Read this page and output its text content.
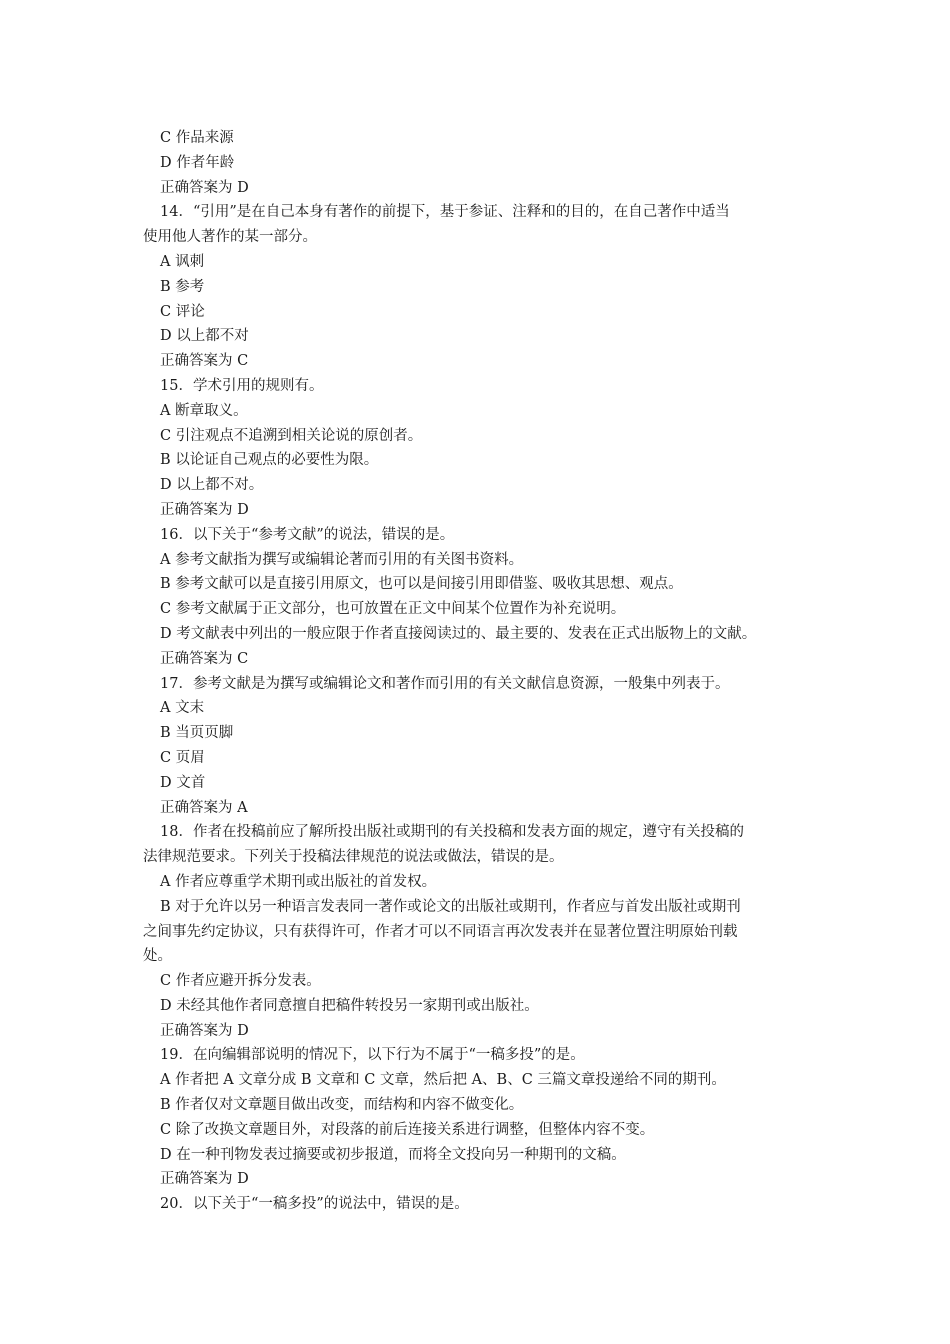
C 作品来源
D 作者年龄
正确答案为 D
14．“引用”是在自己本身有著作的前提下，基于参证、注释和的目的，在自己著作中适当
使用他人著作的某一部分。
A 讽刺
B 参考
C 评论
D 以上都不对
正确答案为 C
15．学术引用的规则有。
A 断章取义。
C 引注观点不追溯到相关论说的原创者。
B 以论证自己观点的必要性为限。
D 以上都不对。
正确答案为 D
16．以下关于“参考文献”的说法，错误的是。
A 参考文献指为撰写或编辑论著而引用的有关图书资料。
B 参考文献可以是直接引用原文，也可以是间接引用即借鉴、吸收其思想、观点。
C 参考文献属于正文部分，也可放置在正文中间某个位置作为补充说明。
D 考文献表中列出的一般应限于作者直接阅读过的、最主要的、发表在正式出版物上的文献。
正确答案为 C
17．参考文献是为撰写或编辑论文和著作而引用的有关文献信息资源，一般集中列表于。
A 文末
B 当页页脚
C 页眉
D 文首
正确答案为 A
18．作者在投稿前应了解所投出版社或期刊的有关投稿和发表方面的规定，遵守有关投稿的
法律规范要求。下列关于投稿法律规范的说法或做法，错误的是。
A 作者应尊重学术期刊或出版社的首发权。
B 对于允许以另一种语言发表同一著作或论文的出版社或期刊，作者应与首发出版社或期刊
之间事先约定协议，只有获得许可，作者才可以不同语言再次发表并在显著位置注明原始刊载
处。
C 作者应避开拆分发表。
D 未经其他作者同意擅自把稿件转投另一家期刊或出版社。
正确答案为 D
19．在向编辑部说明的情况下，以下行为不属于“一稿多投”的是。
A 作者把 A 文章分成 B 文章和 C 文章，然后把 A、B、C 三篇文章投递给不同的期刊。
B 作者仅对文章题目做出改变，而结构和内容不做变化。
C 除了改换文章题目外，对段落的前后连接关系进行调整，但整体内容不变。
D 在一种刊物发表过摘要或初步报道，而将全文投向另一种期刊的文稿。
正确答案为 D
20．以下关于“一稿多投”的说法中，错误的是。
